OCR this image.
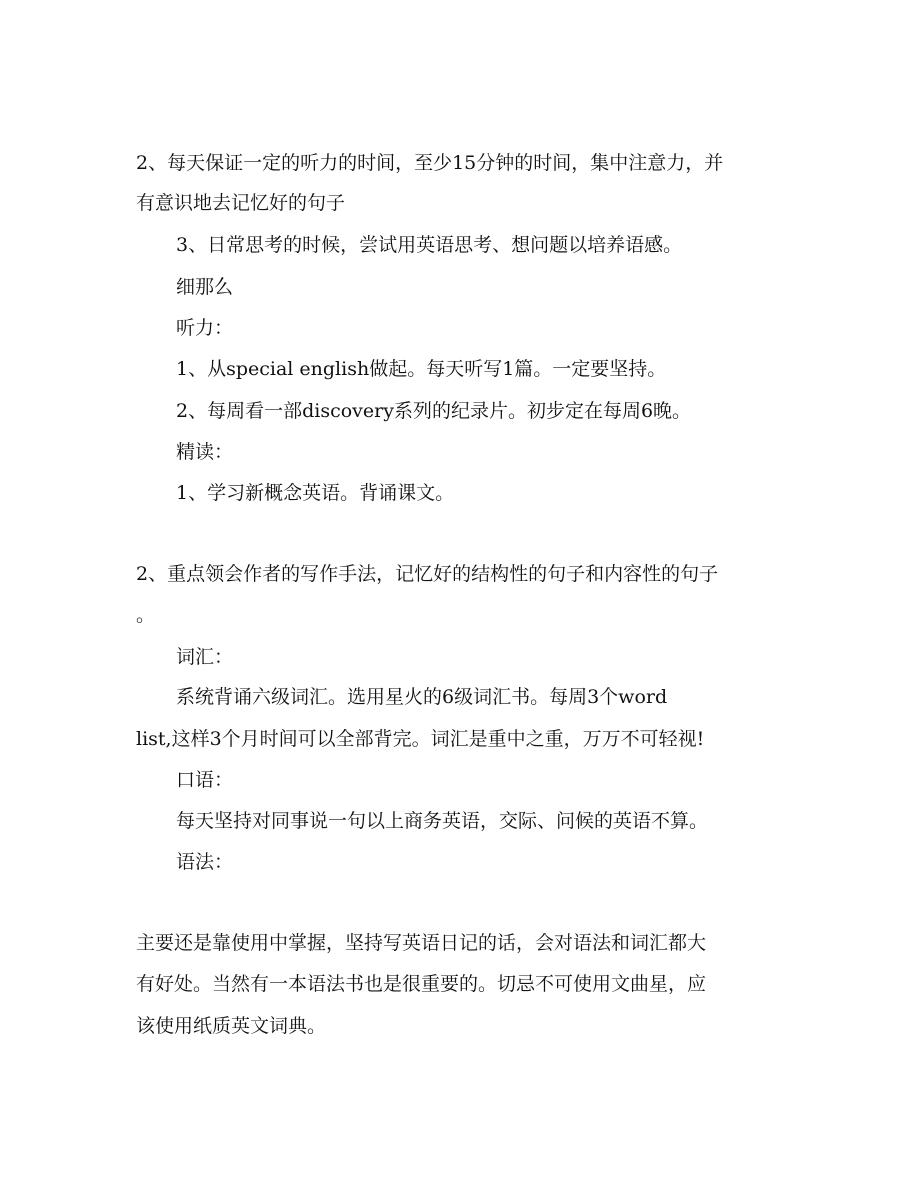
2、每天保证一定的听力的时间，至少15分钟的时间，集中注意力，并
有意识地去记忆好的句子
3、日常思考的时候，尝试用英语思考、想问题以培养语感。
细那么
听力：
1、从special english做起。每天听写1篇。一定要坚持。
2、每周看一部discovery系列的纪录片。初步定在每周6晚。
精读：
1、学习新概念英语。背诵课文。
2、重点领会作者的写作手法，记忆好的结构性的句子和内容性的句子
。
词汇：
系统背诵六级词汇。选用星火的6级词汇书。每周3个word
list,这样3个月时间可以全部背完。词汇是重中之重，万万不可轻视!
口语：
每天坚持对同事说一句以上商务英语，交际、问候的英语不算。
语法：
主要还是靠使用中掌握，坚持写英语日记的话，会对语法和词汇都大
有好处。当然有一本语法书也是很重要的。切忌不可使用文曲星，应
该使用纸质英文词典。
